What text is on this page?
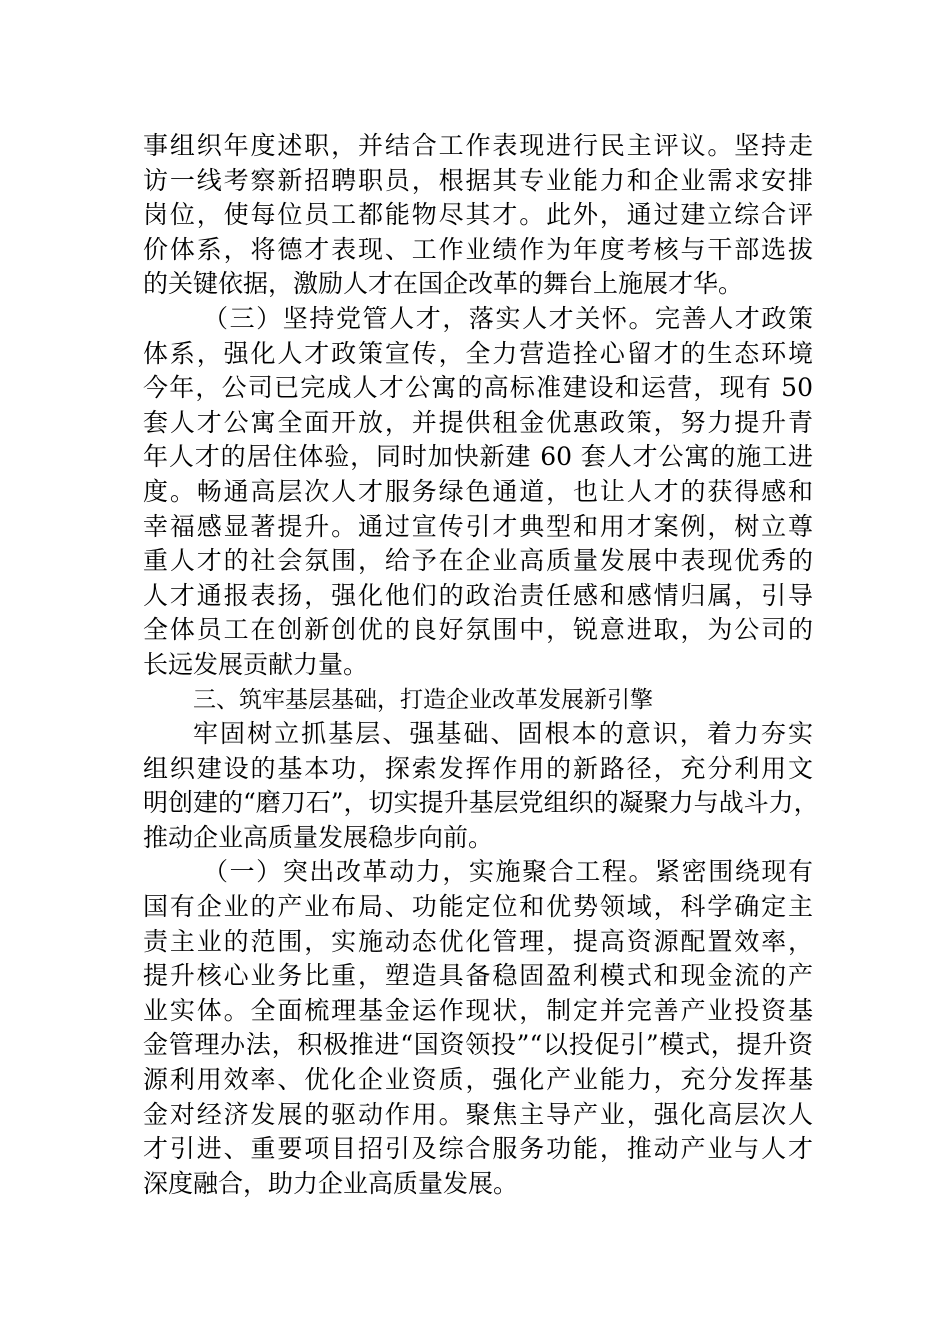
事组织年度述职，并结合工作表现进行民主评议。坚持走
访一线考察新招聘职员，根据其专业能力和企业需求安排
岗位，使每位员工都能物尽其才。此外，通过建立综合评
价体系，将德才表现、工作业绩作为年度考核与干部选拔
的关键依据，激励人才在国企改革的舞台上施展才华。
（三）坚持党管人才，落实人才关怀。完善人才政策
体系，强化人才政策宣传，全力营造拴心留才的生态环境
今年，公司已完成人才公寓的高标准建设和运营，现有 50
套人才公寓全面开放，并提供租金优惠政策，努力提升青
年人才的居住体验，同时加快新建 60 套人才公寓的施工进
度。畅通高层次人才服务绿色通道，也让人才的获得感和
幸福感显著提升。通过宣传引才典型和用才案例，树立尊
重人才的社会氛围，给予在企业高质量发展中表现优秀的
人才通报表扬，强化他们的政治责任感和感情归属，引导
全体员工在创新创优的良好氛围中，锐意进取，为公司的
长远发展贡献力量。
三、筑牢基层基础，打造企业改革发展新引擎
牢固树立抓基层、强基础、固根本的意识，着力夯实
组织建设的基本功，探索发挥作用的新路径，充分利用文
明创建的“磨刀石”，切实提升基层党组织的凝聚力与战斗力，
推动企业高质量发展稳步向前。
（一）突出改革动力，实施聚合工程。紧密围绕现有
国有企业的产业布局、功能定位和优势领域，科学确定主
责主业的范围，实施动态优化管理，提高资源配置效率，
提升核心业务比重，塑造具备稳固盈利模式和现金流的产
业实体。全面梳理基金运作现状，制定并完善产业投资基
金管理办法，积极推进“国资领投”“以投促引”模式，提升资
源利用效率、优化企业资质，强化产业能力，充分发挥基
金对经济发展的驱动作用。聚焦主导产业，强化高层次人
才引进、重要项目招引及综合服务功能，推动产业与人才
深度融合，助力企业高质量发展。
